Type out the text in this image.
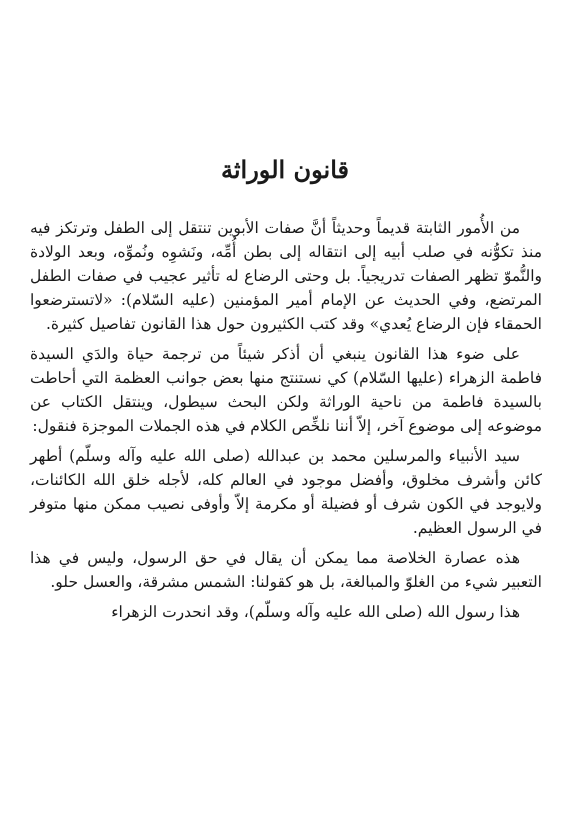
قانون الوراثة

من الأُمور الثابتة قديماً وحديثاً أنَّ صفات الأبوين تنتقل إلى الطفل وترتكز فيه منذ تكوُّنه في صلب أبيه إلى انتقاله إلى بطن أُمِّه، ونَشوِه ونُموِّه، وبعد الولادة والنُّموّ تظهر الصفات تدريجياً. بل وحتى الرضاع له تأثير عجيب في صفات الطفل المرتضع، وفي الحديث عن الإمام أمير المؤمنين (عليه السّلام): «لاتسترضعوا الحمقاء فإن الرضاع يُعدي» وقد كتب الكثيرون حول هذا القانون تفاصيل كثيرة.

على ضوء هذا القانون ينبغي أن أذكر شيئاً من ترجمة حياة والدَي السيدة فاطمة الزهراء (عليها السّلام) كي نستنتج منها بعض جوانب العظمة التي أحاطت بالسيدة فاطمة من ناحية الوراثة ولكن البحث سيطول، وينتقل الكتاب عن موضوعه إلى موضوع آخر، إلاّ أننا نلخِّص الكلام في هذه الجملات الموجزة فنقول:

سيد الأنبياء والمرسلين محمد بن عبدالله (صلى الله عليه وآله وسلّم) أطهر كائن وأشرف مخلوق، وأفضل موجود في العالم كله، لأجله خلق الله الكائنات، ولايوجد في الكون شرف أو فضيلة أو مكرمة إلاّ وأوفى نصيب ممكن منها متوفر في الرسول العظيم.

هذه عصارة الخلاصة مما يمكن أن يقال في حق الرسول، وليس في هذا التعبير شيء من الغلوّ والمبالغة، بل هو كقولنا: الشمس مشرقة، والعسل حلو.

هذا رسول الله (صلى الله عليه وآله وسلّم)، وقد انحدرت الزهراء
